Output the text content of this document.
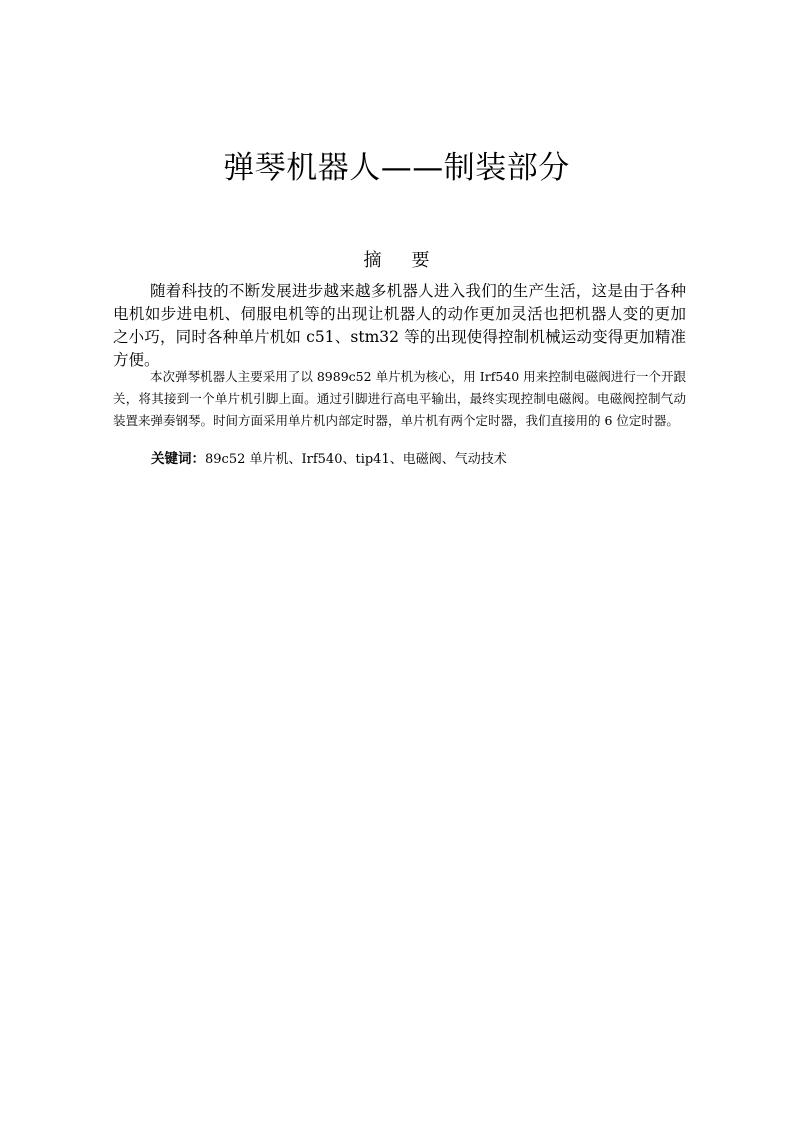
弹琴机器人——制装部分
摘要

随着科技的不断发展进步越来越多机器人进入我们的生产生活，这是由于各种电机如步进电机、伺服电机等的出现让机器人的动作更加灵活也把机器人变的更加之小巧，同时各种单片机如 c51、stm32 等的出现使得控制机械运动变得更加精准方便。

本次弹琴机器人主要采用了以 8989c52 单片机为核心，用 Irf540 用来控制电磁阀进行一个开跟关，将其接到一个单片机引脚上面。通过引脚进行高电平输出，最终实现控制电磁阀。电磁阀控制气动装置来弹奏钢琴。时间方面采用单片机内部定时器，单片机有两个定时器，我们直接用的 6 位定时器。

关键词：89c52 单片机、Irf540、tip41、电磁阀、气动技术
